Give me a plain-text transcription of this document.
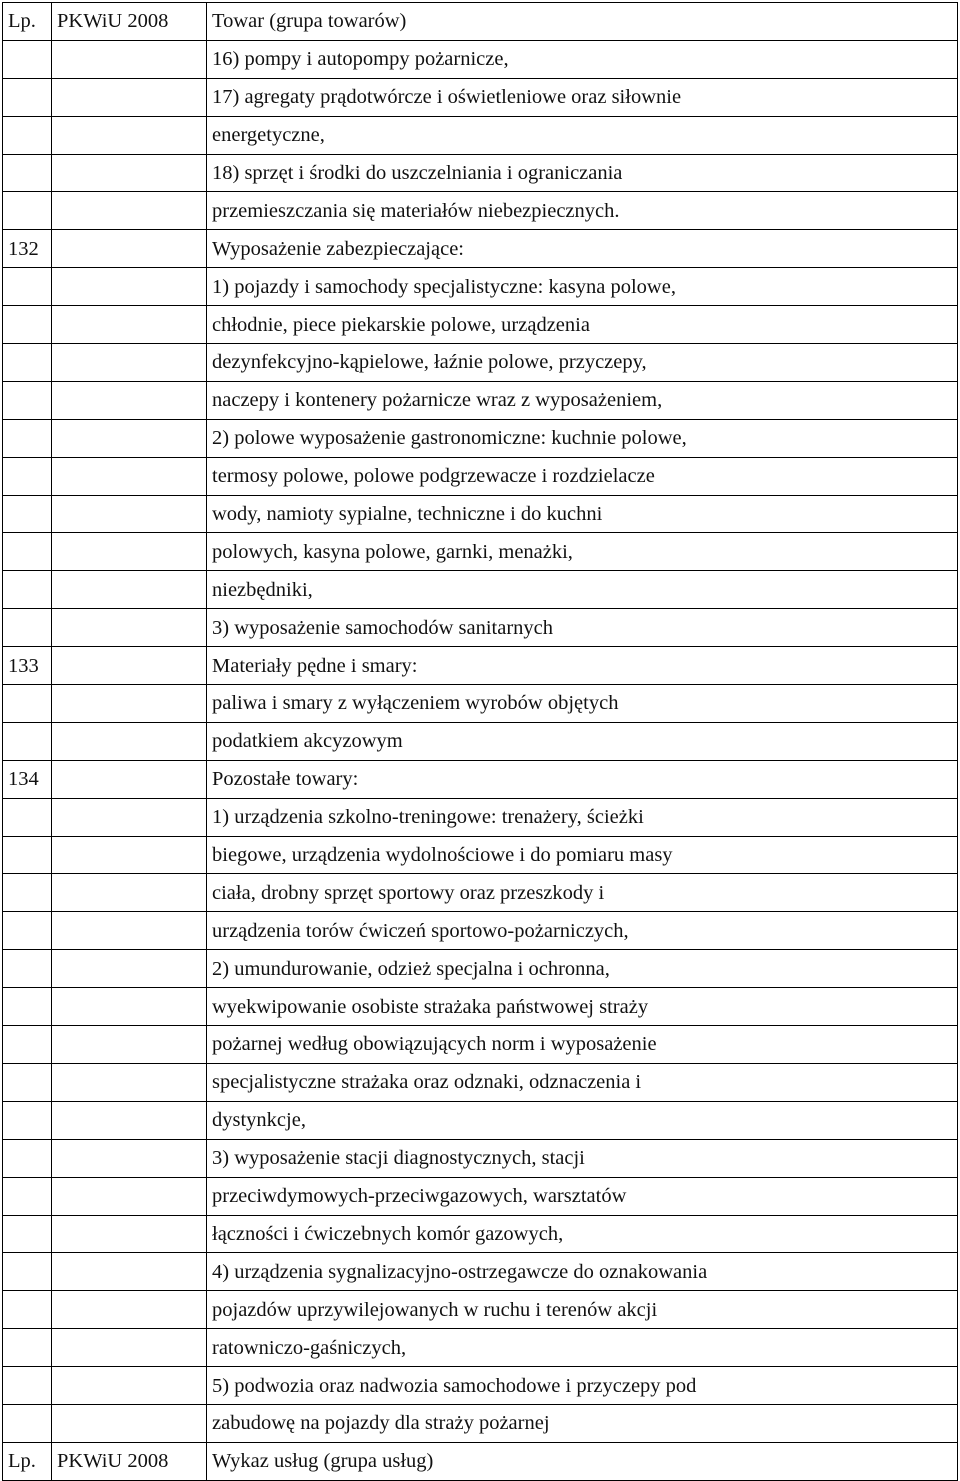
Lp.	PKWiU 2008	Towar (grupa towarów)
		16) pompy i autopompy pożarnicze,
		17) agregaty prądotwórcze i oświetleniowe oraz siłownie
		energetyczne,
		18) sprzęt i środki do uszczelniania i ograniczania
		przemieszczania się materiałów niebezpiecznych.
132		Wyposażenie zabezpieczające:
		1) pojazdy i samochody specjalistyczne: kasyna polowe,
		chłodnie, piece piekarskie polowe, urządzenia
		dezynfekcyjno-kąpielowe, łaźnie polowe, przyczepy,
		naczepy i kontenery pożarnicze wraz z wyposażeniem,
		2) polowe wyposażenie gastronomiczne: kuchnie polowe,
		termosy polowe, polowe podgrzewacze i rozdzielacze
		wody, namioty sypialne, techniczne i do kuchni
		polowych, kasyna polowe, garnki, menażki,
		niezbędniki,
		3) wyposażenie samochodów sanitarnych
133		Materiały pędne i smary:
		paliwa i smary z wyłączeniem wyrobów objętych
		podatkiem akcyzowym
134		Pozostałe towary:
		1) urządzenia szkolno-treningowe: trenażery, ścieżki
		biegowe, urządzenia wydolnościowe i do pomiaru masy
		ciała, drobny sprzęt sportowy oraz przeszkody i
		urządzenia torów ćwiczeń sportowo-pożarniczych,
		2) umundurowanie, odzież specjalna i ochronna,
		wyekwipowanie osobiste strażaka państwowej straży
		pożarnej według obowiązujących norm i wyposażenie
		specjalistyczne strażaka oraz odznaki, odznaczenia i
		dystynkcje,
		3) wyposażenie stacji diagnostycznych, stacji
		przeciwdymowych-przeciwgazowych, warsztatów
		łączności i ćwiczebnych komór gazowych,
		4) urządzenia sygnalizacyjno-ostrzegawcze do oznakowania
		pojazdów uprzywilejowanych w ruchu i terenów akcji
		ratowniczo-gaśniczych,
		5) podwozia oraz nadwozia samochodowe i przyczepy pod
		zabudowę na pojazdy dla straży pożarnej
Lp.	PKWiU 2008	Wykaz usług (grupa usług)
